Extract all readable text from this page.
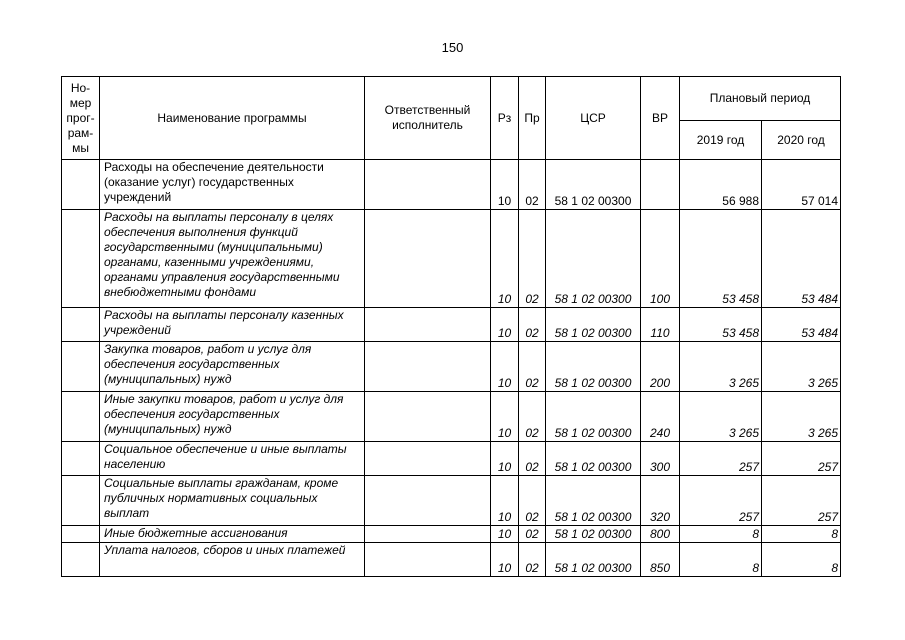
150
Но-
мер
прог-
рам-
мы	Наименование программы	Ответственный исполнитель	Рз	Пр	ЦСР	ВР	Плановый период	
							2019 год	2020 год
	Расходы на обеспечение деятельности (оказание услуг) государственных учреждений		10	02	58 1 02 00300		56 988	57 014
	Расходы на выплаты персоналу в целях обеспечения выполнения функций государственными (муниципальными) органами, казенными учреждениями, органами управления государственными внебюджетными фондами		10	02	58 1 02 00300	100	53 458	53 484
	Расходы на выплаты персоналу казенных учреждений		10	02	58 1 02 00300	110	53 458	53 484
	Закупка товаров, работ и услуг для обеспечения государственных (муниципальных) нужд		10	02	58 1 02 00300	200	3 265	3 265
	Иные закупки товаров, работ и услуг для обеспечения государственных (муниципальных) нужд		10	02	58 1 02 00300	240	3 265	3 265
	Социальное обеспечение и иные выплаты населению		10	02	58 1 02 00300	300	257	257
	Социальные выплаты гражданам, кроме публичных нормативных социальных выплат		10	02	58 1 02 00300	320	257	257
	Иные бюджетные ассигнования		10	02	58 1 02 00300	800	8	8
	Уплата налогов, сборов и иных платежей		10	02	58 1 02 00300	850	8	8
